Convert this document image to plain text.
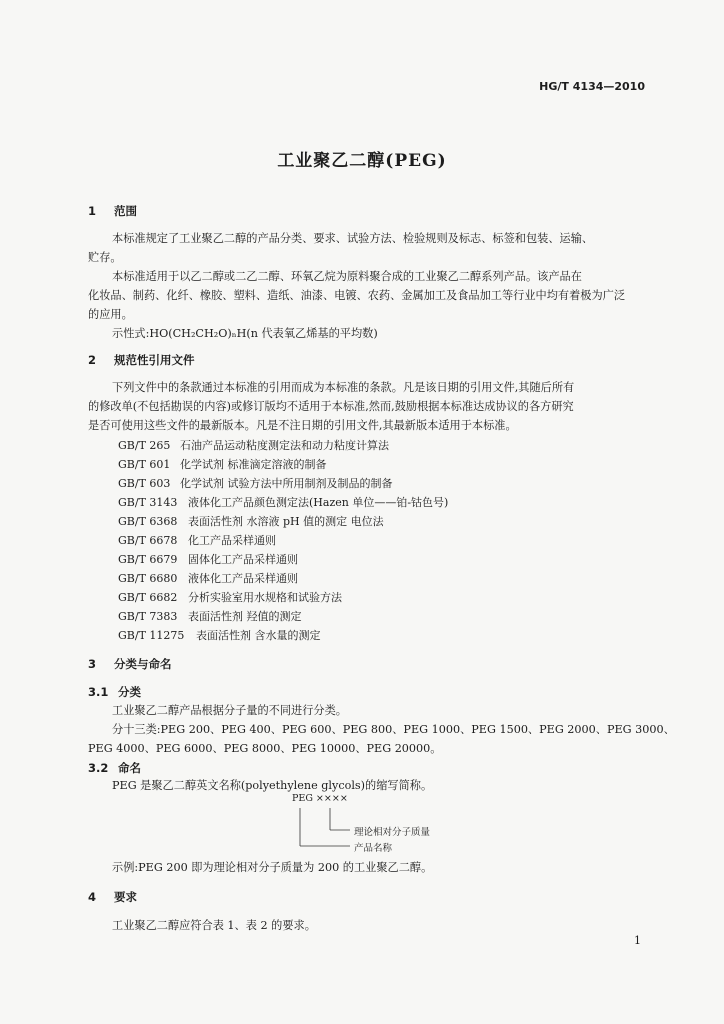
HG/T 4134—2010
工业聚乙二醇(PEG)
1 范围
本标准规定了工业聚乙二醇的产品分类、要求、试验方法、检验规则及标志、标签和包装、运输、
贮存。
本标准适用于以乙二醇或二乙二醇、环氧乙烷为原料聚合成的工业聚乙二醇系列产品。该产品在
化妆品、制药、化纤、橡胶、塑料、造纸、油漆、电镀、农药、金属加工及食品加工等行业中均有着极为广泛
的应用。
示性式:HO(CH₂CH₂O)ₙH(n 代表氧乙烯基的平均数)
2 规范性引用文件
下列文件中的条款通过本标准的引用而成为本标准的条款。凡是该日期的引用文件,其随后所有
的修改单(不包括勘误的内容)或修订版均不适用于本标准,然而,鼓励根据本标准达成协议的各方研究
是否可使用这些文件的最新版本。凡是不注日期的引用文件,其最新版本适用于本标准。
GB/T 265 石油产品运动粘度测定法和动力粘度计算法
GB/T 601 化学试剂 标准滴定溶液的制备
GB/T 603 化学试剂 试验方法中所用制剂及制品的制备
GB/T 3143 液体化工产品颜色测定法(Hazen 单位——铂-钴色号)
GB/T 6368 表面活性剂 水溶液 pH 值的测定 电位法
GB/T 6678 化工产品采样通则
GB/T 6679 固体化工产品采样通则
GB/T 6680 液体化工产品采样通则
GB/T 6682 分析实验室用水规格和试验方法
GB/T 7383 表面活性剂 羟值的测定
GB/T 11275 表面活性剂 含水量的测定
3 分类与命名
3.1 分类
工业聚乙二醇产品根据分子量的不同进行分类。
分十三类:PEG 200、PEG 400、PEG 600、PEG 800、PEG 1000、PEG 1500、PEG 2000、PEG 3000、
PEG 4000、PEG 6000、PEG 8000、PEG 10000、PEG 20000。
3.2 命名
PEG 是聚乙二醇英文名称(polyethylene glycols)的缩写简称。
PEG ××××
理论相对分子质量
产品名称
示例:PEG 200 即为理论相对分子质量为 200 的工业聚乙二醇。
4 要求
工业聚乙二醇应符合表 1、表 2 的要求。
1
